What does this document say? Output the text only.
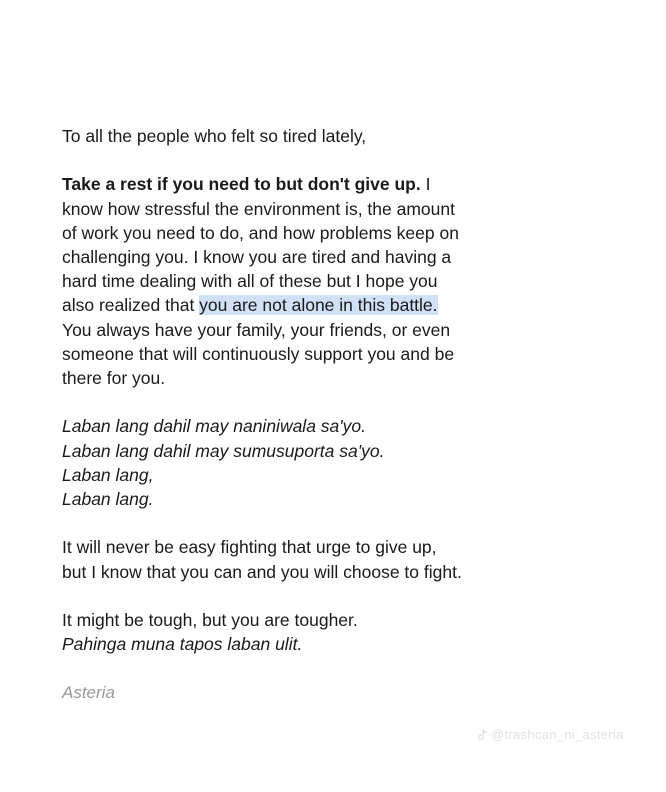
To all the people who felt so tired lately,

Take a rest if you need to but don't give up. I

know how stressful the environment is, the amount

of work you need to do, and how problems keep on

challenging you. I know you are tired and having a

hard time dealing with all of these but I hope you

also realized that you are not alone in this battle.

You always have your family, your friends, or even

someone that will continuously support you and be

there for you.

Laban lang dahil may naniniwala sa'yo.

Laban lang dahil may sumusuporta sa'yo.

Laban lang,

Laban lang.

It will never be easy fighting that urge to give up,

but I know that you can and you will choose to fight.

It might be tough, but you are tougher.

Pahinga muna tapos laban ulit.

Asteria

@trashcan_ni_asteria
